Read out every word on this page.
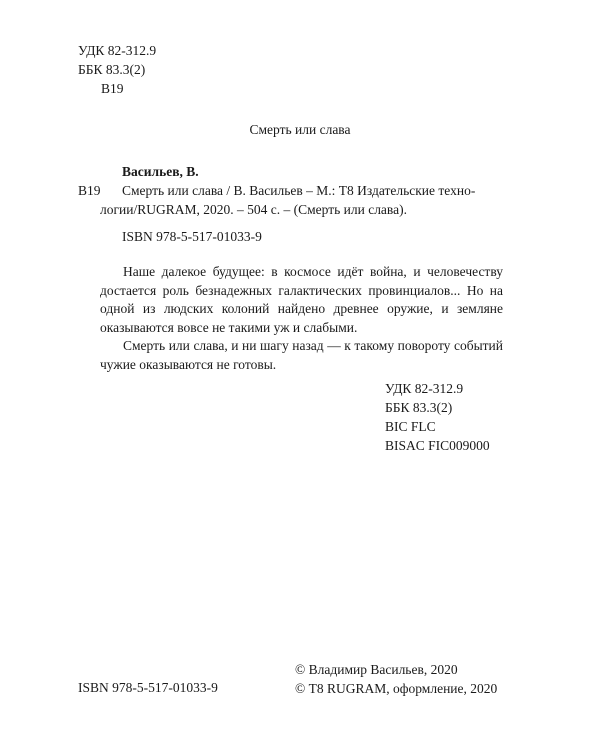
УДК 82-312.9
ББК 83.3(2)
В19
Смерть или слава
Васильев, В.
В19 Смерть или слава / В. Васильев – М.: Т8 Издательские техно-
логии/RUGRAM, 2020. – 504 с. – (Смерть или слава).
ISBN 978-5-517-01033-9

Наше далекое будущее: в космосе идёт война, и человечеству достается роль безнадежных галактических провинциалов... Но на одной из людских колоний найдено древнее оружие, и земляне оказываются вовсе не такими уж и слабыми.

Смерть или слава, и ни шагу назад — к такому повороту событий чужие оказываются не готовы.

УДК 82-312.9
ББК 83.3(2)
BIC FLC
BISAC FIC009000
ISBN 978-5-517-01033-9
© Владимир Васильев, 2020
© Т8 RUGRAM, оформление, 2020
